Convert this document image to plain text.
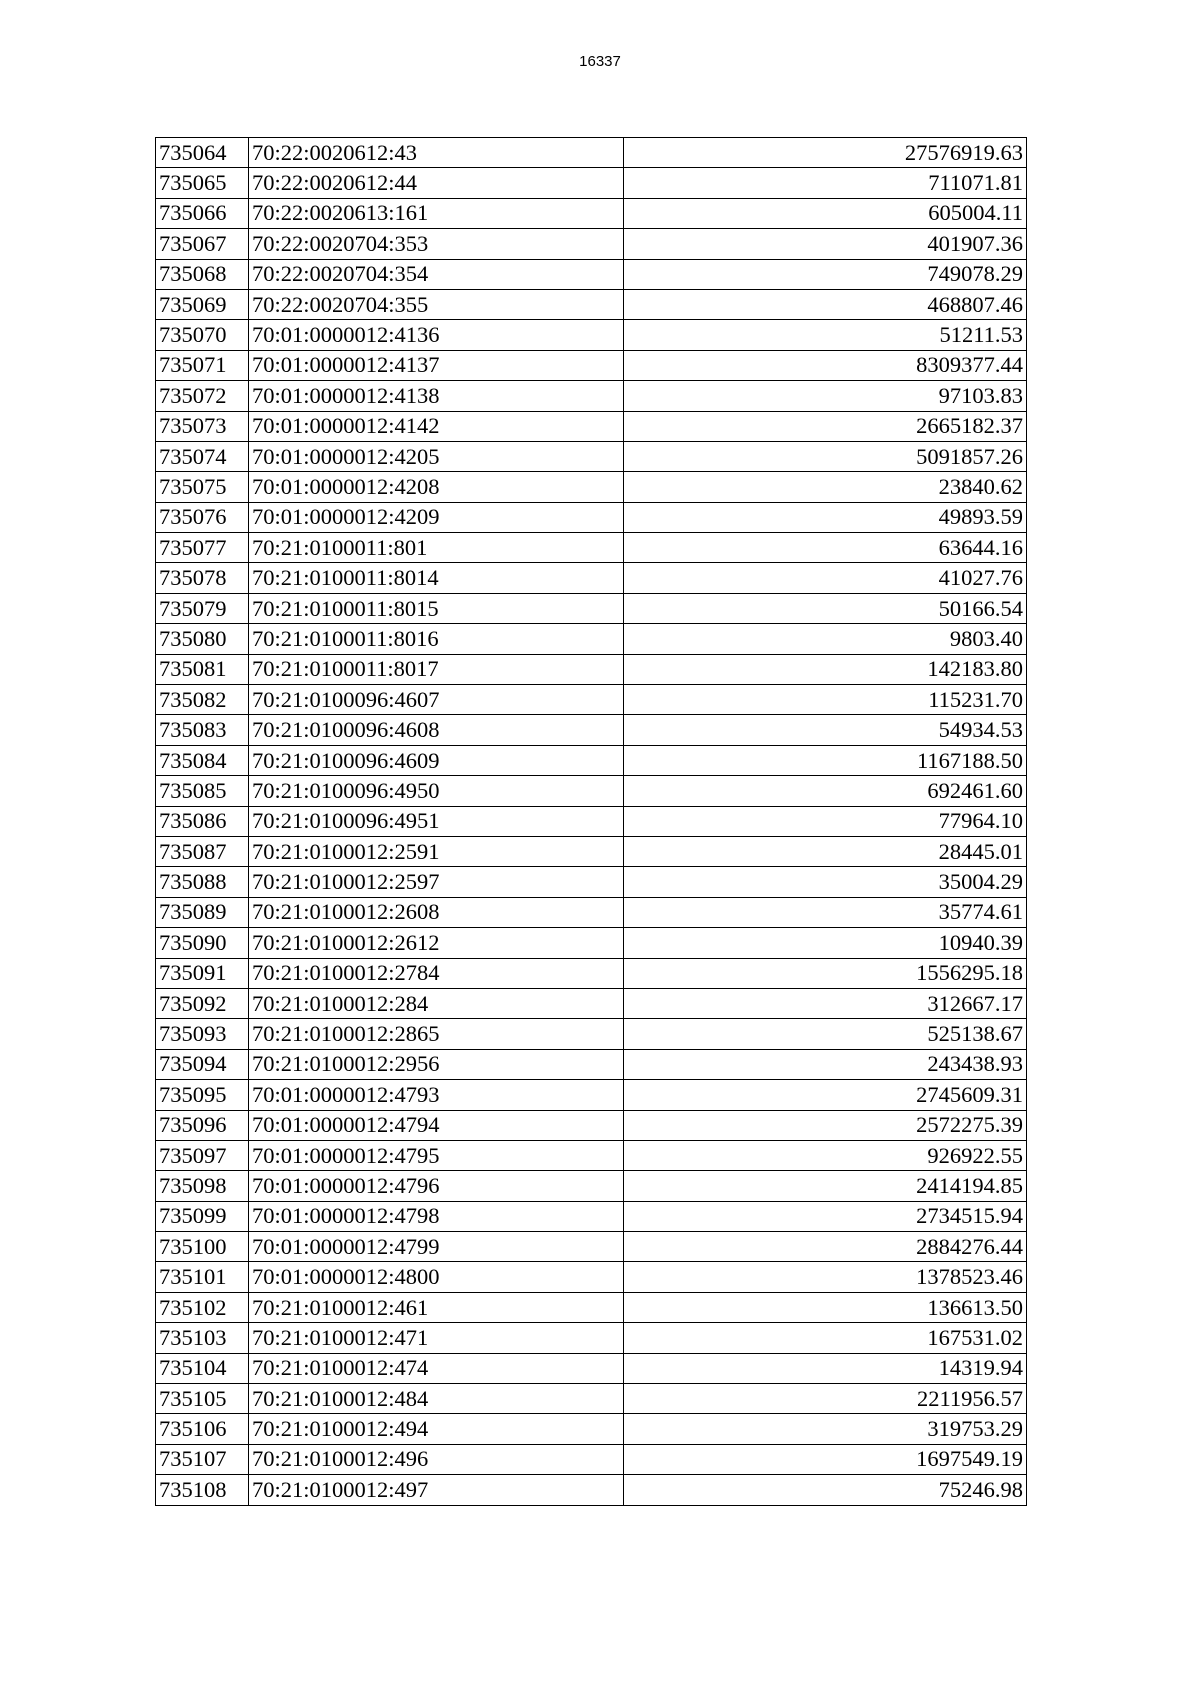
16337
735064	70:22:0020612:43	27576919.63
735065	70:22:0020612:44	711071.81
735066	70:22:0020613:161	605004.11
735067	70:22:0020704:353	401907.36
735068	70:22:0020704:354	749078.29
735069	70:22:0020704:355	468807.46
735070	70:01:0000012:4136	51211.53
735071	70:01:0000012:4137	8309377.44
735072	70:01:0000012:4138	97103.83
735073	70:01:0000012:4142	2665182.37
735074	70:01:0000012:4205	5091857.26
735075	70:01:0000012:4208	23840.62
735076	70:01:0000012:4209	49893.59
735077	70:21:0100011:801	63644.16
735078	70:21:0100011:8014	41027.76
735079	70:21:0100011:8015	50166.54
735080	70:21:0100011:8016	9803.40
735081	70:21:0100011:8017	142183.80
735082	70:21:0100096:4607	115231.70
735083	70:21:0100096:4608	54934.53
735084	70:21:0100096:4609	1167188.50
735085	70:21:0100096:4950	692461.60
735086	70:21:0100096:4951	77964.10
735087	70:21:0100012:2591	28445.01
735088	70:21:0100012:2597	35004.29
735089	70:21:0100012:2608	35774.61
735090	70:21:0100012:2612	10940.39
735091	70:21:0100012:2784	1556295.18
735092	70:21:0100012:284	312667.17
735093	70:21:0100012:2865	525138.67
735094	70:21:0100012:2956	243438.93
735095	70:01:0000012:4793	2745609.31
735096	70:01:0000012:4794	2572275.39
735097	70:01:0000012:4795	926922.55
735098	70:01:0000012:4796	2414194.85
735099	70:01:0000012:4798	2734515.94
735100	70:01:0000012:4799	2884276.44
735101	70:01:0000012:4800	1378523.46
735102	70:21:0100012:461	136613.50
735103	70:21:0100012:471	167531.02
735104	70:21:0100012:474	14319.94
735105	70:21:0100012:484	2211956.57
735106	70:21:0100012:494	319753.29
735107	70:21:0100012:496	1697549.19
735108	70:21:0100012:497	75246.98
